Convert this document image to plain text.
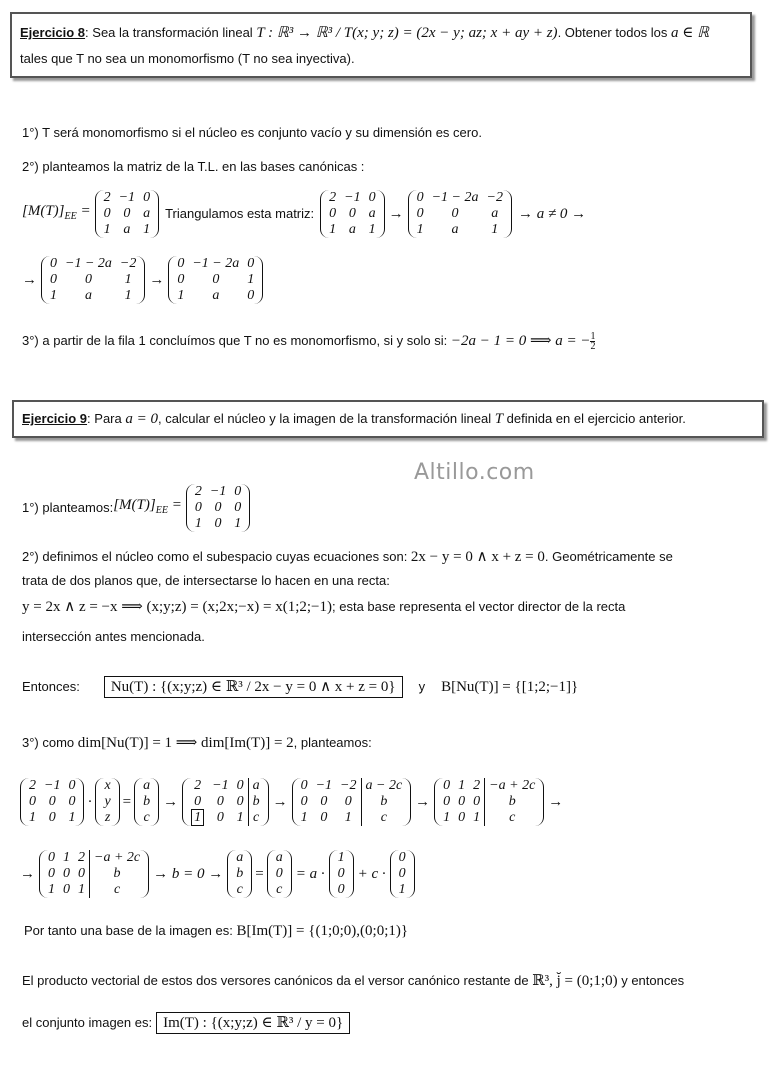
Ejercicio 8: Sea la transformación lineal T : ℝ³ → ℝ³ / T(x; y; z) = (2x − y; az; x + ay + z). Obtener todos los a ∈ ℝ
tales que T no sea un monomorfismo (T no sea inyectiva).
1°) T será monomorfismo si el núcleo es conjunto vacío y su dimensión es cero.
2°) planteamos la matriz de la T.L. en las bases canónicas :
$[M(T)]_{EE}$ =
2	−1	0
0	0	a
1	a	1
Triangulamos esta matriz:
2	−1	0
0	0	a
1	a	1
→
0	−1 − 2a	−2
0	0	a
1	a	1
→ a ≠ 0 →
→
0	−1 − 2a	−2
0	0	1
1	a	1
→
0	−1 − 2a	0
0	0	1
1	a	0
3°) a partir de la fila 1 concluímos que T no es monomorfismo, si y solo si: −2a − 1 = 0 ⟹ a = − $\frac{1}{2}$
Ejercicio 9: Para a = 0, calcular el núcleo y la imagen de la transformación lineal T definida en el ejercicio anterior.
Altillo.com
1°) planteamos: $[M(T)]_{EE}$ =
2	−1	0
0	0	0
1	0	1
2°) definimos el núcleo como el subespacio cuyas ecuaciones son: 2x − y = 0 ∧ x + z = 0. Geométricamente se
trata de dos planos que, de intersectarse lo hacen en una recta:
y = 2x ∧ z = −x ⟹ (x;y;z) = (x;2x;−x) = x(1;2;−1); esta base representa el vector director de la recta
intersección antes mencionada.
Entonces:	Nu(T) : {(x;y;z) ∈ ℝ³ / 2x − y = 0 ∧ x + z = 0}	y B[Nu(T)] = {[1;2;−1]}
3°) como dim[Nu(T)] = 1 ⟹ dim[Im(T)] = 2, planteamos:
2	−1	0
0	0	0
1	0	1
·
x
y
z
=
a
b
c
→
2	−1	0	a
0	0	0	b
1	0	1	c
→
0	−1	−2	a − 2c
0	0	0	b
1	0	1	c
→
0	1	2	−a + 2c
0	0	0	b
1	0	1	c
→
→
0	1	2	−a + 2c
0	0	0	b
1	0	1	c
→ b = 0 →
a
b
c
=
a
0
c
= a ·
1
0
0
+ c ·
0
0
1
Por tanto una base de la imagen es: B[Im(T)] = {(1;0;0),(0;0;1)}
El producto vectorial de estos dos versores canónicos da el versor canónico restante de ℝ³, j̆ = (0;1;0) y entonces
el conjunto imagen es: Im(T) : {(x;y;z) ∈ ℝ³ / y = 0}
